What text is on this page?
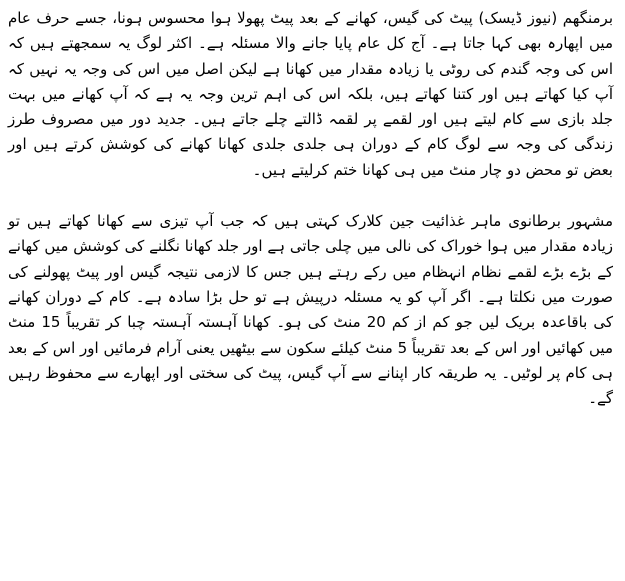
برمنگھم (نیوز ڈیسک) پیٹ کی گیس، کھانے کے بعد پیٹ پھولا ہوا محسوس ہونا، جسے حرف عام میں اپھارہ بھی کہا جاتا ہے۔ آج کل عام پایا جانے والا مسئلہ ہے۔ اکثر لوگ یہ سمجھتے ہیں کہ اس کی وجہ گندم کی روٹی یا زیادہ مقدار میں کھانا ہے لیکن اصل میں اس کی وجہ یہ نہیں کہ آپ کیا کھاتے ہیں اور کتنا کھاتے ہیں، بلکہ اس کی اہم ترین وجہ یہ ہے کہ آپ کھانے میں بہت جلد بازی سے کام لیتے ہیں اور لقمے پر لقمہ ڈالتے چلے جاتے ہیں۔ جدید دور میں مصروف طرز زندگی کی وجہ سے لوگ کام کے دوران ہی جلدی جلدی کھانا کھانے کی کوشش کرتے ہیں اور بعض تو محض دو چار منٹ میں ہی کھانا ختم کرلیتے ہیں۔

مشہور برطانوی ماہر غذائیت جین کلارک کہتی ہیں کہ جب آپ تیزی سے کھانا کھاتے ہیں تو زیادہ مقدار میں ہوا خوراک کی نالی میں چلی جاتی ہے اور جلد کھانا نگلنے کی کوشش میں کھانے کے بڑے بڑے لقمے نظام انہظام میں رکے رہتے ہیں جس کا لازمی نتیجہ گیس اور پیٹ پھولنے کی صورت میں نکلتا ہے۔ اگر آپ کو یہ مسئلہ درپیش ہے تو حل بڑا سادہ ہے۔ کام کے دوران کھانے کی باقاعدہ بریک لیں جو کم از کم 20 منٹ کی ہو۔ کھانا آہستہ آہستہ چبا کر تقریباً 15 منٹ میں کھائیں اور اس کے بعد تقریباً 5 منٹ کیلئے سکون سے بیٹھیں یعنی آرام فرمائیں اور اس کے بعد ہی کام پر لوٹیں۔ یہ طریقہ کار اپنانے سے آپ گیس، پیٹ کی سختی اور اپھارے سے محفوظ رہیں گے۔
